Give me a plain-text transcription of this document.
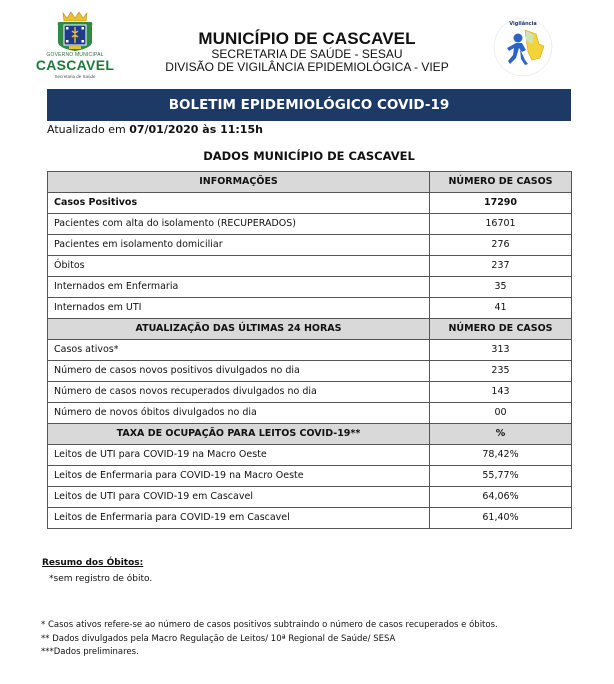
GOVERNO MUNICIPAL
CASCAVEL
Secretaria de Saúde
MUNICÍPIO DE CASCAVEL
SECRETARIA DE SAÚDE - SESAU
DIVISÃO DE VIGILÂNCIA EPIDEMIOLÓGICA - VIEP
Vigilância
BOLETIM EPIDEMIOLÓGICO COVID-19
Atualizado em 07/01/2020 às 11:15h
DADOS MUNICÍPIO DE CASCAVEL
INFORMAÇÕES	NÚMERO DE CASOS
Casos Positivos	17290
Pacientes com alta do isolamento (RECUPERADOS)	16701
Pacientes em isolamento domiciliar	276
Óbitos	237
Internados em Enfermaria	35
Internados em UTI	41
ATUALIZAÇÃO DAS ÚLTIMAS 24 HORAS	NÚMERO DE CASOS
Casos ativos*	313
Número de casos novos positivos divulgados no dia	235
Número de casos novos recuperados divulgados no dia	143
Número de novos óbitos divulgados no dia	00
TAXA DE OCUPAÇÃO PARA LEITOS COVID-19**	%
Leitos de UTI para COVID-19 na Macro Oeste	78,42%
Leitos de Enfermaria para COVID-19 na Macro Oeste	55,77%
Leitos de UTI para COVID-19 em Cascavel	64,06%
Leitos de Enfermaria para COVID-19 em Cascavel	61,40%
Resumo dos Óbitos:
*sem registro de óbito.
* Casos ativos refere-se ao número de casos positivos subtraindo o número de casos recuperados e óbitos.
** Dados divulgados pela Macro Regulação de Leitos/ 10ª Regional de Saúde/ SESA
***Dados preliminares.
